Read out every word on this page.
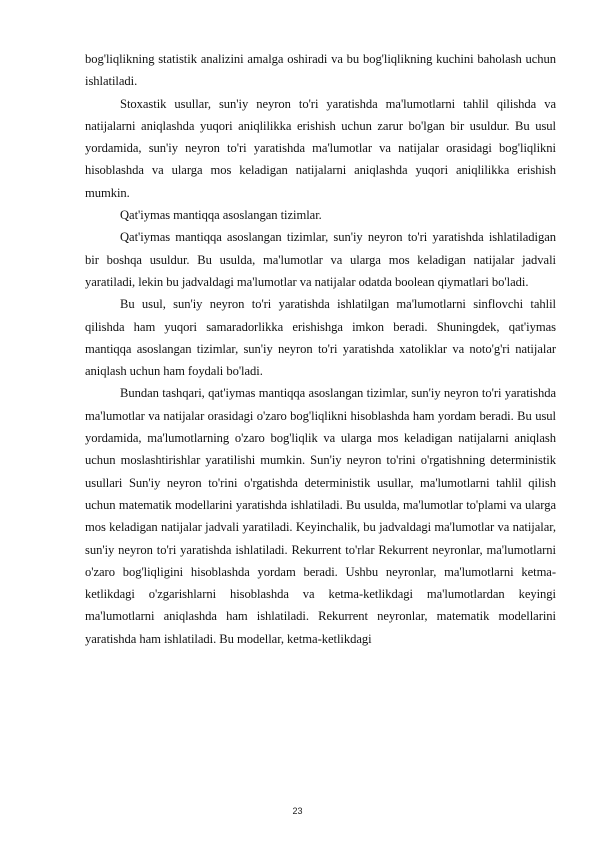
bog'liqlikning statistik analizini amalga oshiradi va bu bog'liqlikning kuchini baholash uchun ishlatiladi.

Stoxastik usullar, sun'iy neyron to'ri yaratishda ma'lumotlarni tahlil qilishda va natijalarni aniqlashda yuqori aniqlilikka erishish uchun zarur bo'lgan bir usuldur. Bu usul yordamida, sun'iy neyron to'ri yaratishda ma'lumotlar va natijalar orasidagi bog'liqlikni hisoblashda va ularga mos keladigan natijalarni aniqlashda yuqori aniqlilikka erishish mumkin.

Qat'iymas mantiqqa asoslangan tizimlar.

Qat'iymas mantiqqa asoslangan tizimlar, sun'iy neyron to'ri yaratishda ishlatiladigan bir boshqa usuldur. Bu usulda, ma'lumotlar va ularga mos keladigan natijalar jadvali yaratiladi, lekin bu jadvaldagi ma'lumotlar va natijalar odatda boolean qiymatlari bo'ladi.

Bu usul, sun'iy neyron to'ri yaratishda ishlatilgan ma'lumotlarni sinflovchi tahlil qilishda ham yuqori samaradorlikka erishishga imkon beradi. Shuningdek, qat'iymas mantiqqa asoslangan tizimlar, sun'iy neyron to'ri yaratishda xatoliklar va noto'g'ri natijalar aniqlash uchun ham foydali bo'ladi.

Bundan tashqari, qat'iymas mantiqqa asoslangan tizimlar, sun'iy neyron to'ri yaratishda ma'lumotlar va natijalar orasidagi o'zaro bog'liqlikni hisoblashda ham yordam beradi. Bu usul yordamida, ma'lumotlarning o'zaro bog'liqlik va ularga mos keladigan natijalarni aniqlash uchun moslashtirishlar yaratilishi mumkin. Sun'iy neyron to'rini o'rgatishning deterministik usullari Sun'iy neyron to'rini o'rgatishda deterministik usullar, ma'lumotlarni tahlil qilish uchun matematik modellarini yaratishda ishlatiladi. Bu usulda, ma'lumotlar to'plami va ularga mos keladigan natijalar jadvali yaratiladi. Keyinchalik, bu jadvaldagi ma'lumotlar va natijalar, sun'iy neyron to'ri yaratishda ishlatiladi. Rekurrent to'rlar Rekurrent neyronlar, ma'lumotlarni o'zaro bog'liqligini hisoblashda yordam beradi. Ushbu neyronlar, ma'lumotlarni ketma-ketlikdagi o'zgarishlarni hisoblashda va ketma-ketlikdagi ma'lumotlardan keyingi ma'lumotlarni aniqlashda ham ishlatiladi. Rekurrent neyronlar, matematik modellarini yaratishda ham ishlatiladi. Bu modellar, ketma-ketlikdagi

23
